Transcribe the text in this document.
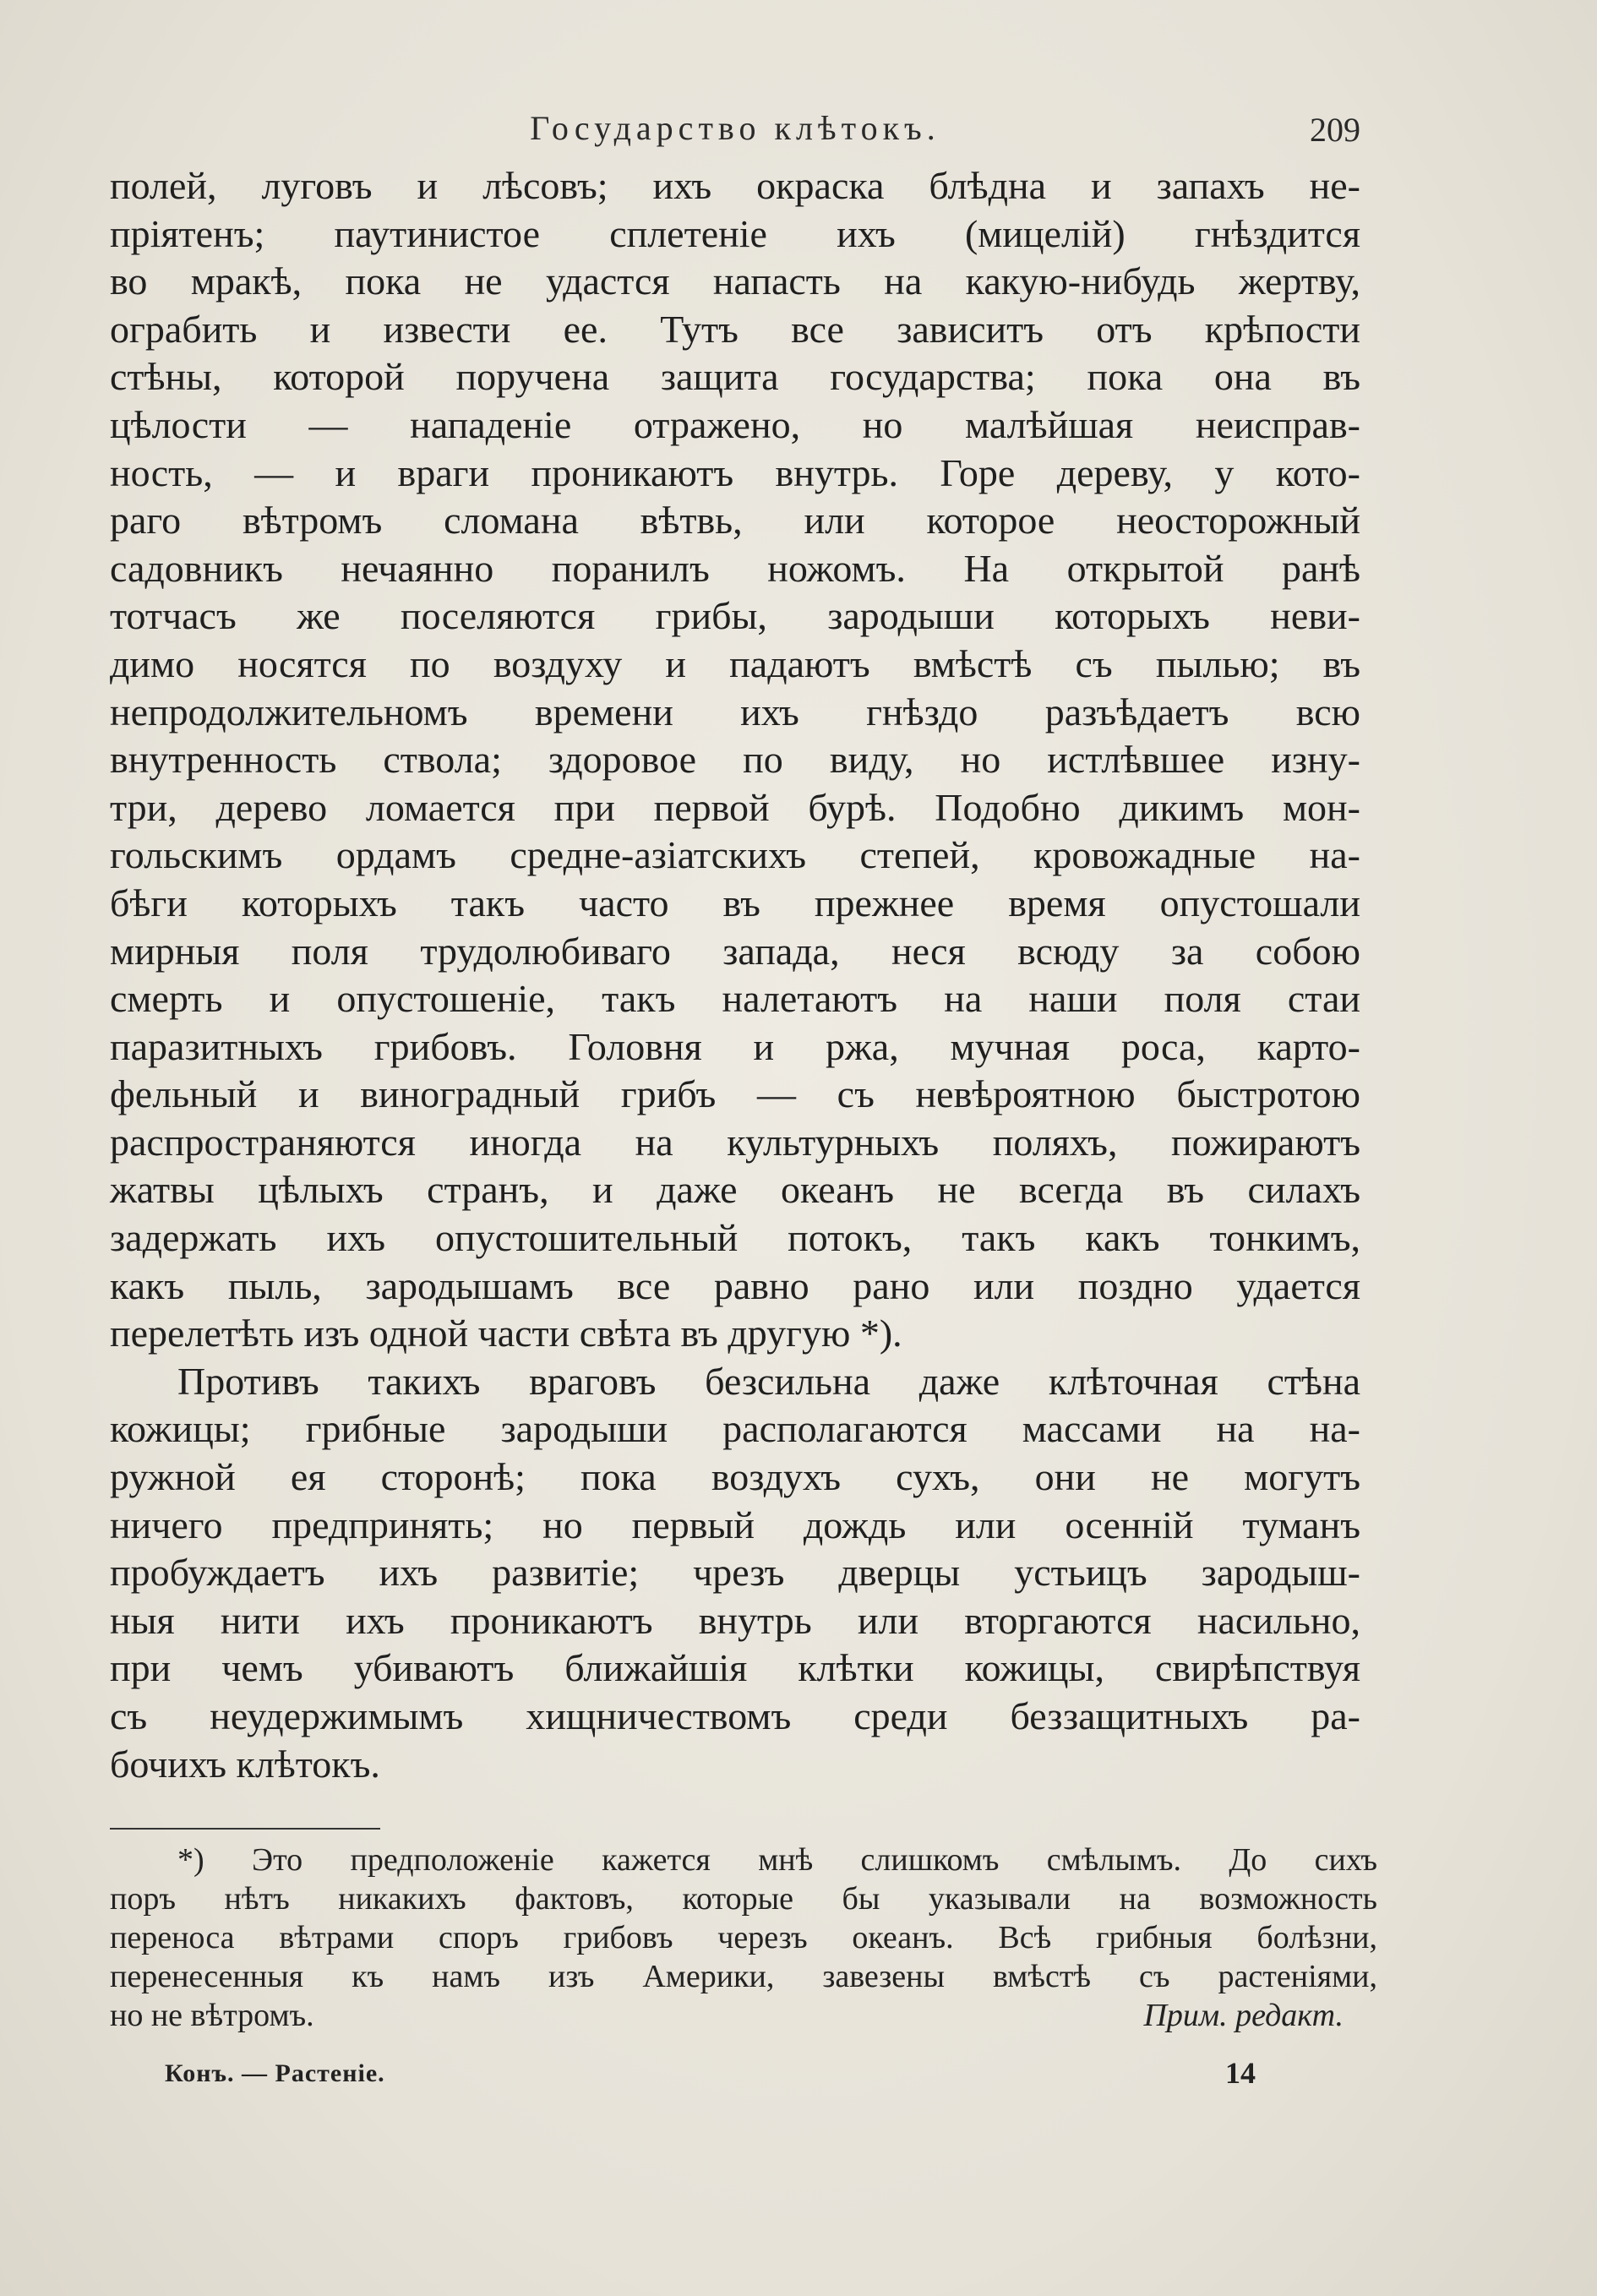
Государство клѣтокъ.	209
полей, луговъ и лѣсовъ; ихъ окраска блѣдна и запахъ не-
пріятенъ; паутинистое сплетеніе ихъ (мицелій) гнѣздится
во мракѣ, пока не удастся напасть на какую-нибудь жертву,
ограбить и извести ее. Тутъ все зависитъ отъ крѣпости
стѣны, которой поручена защита государства; пока она въ
цѣлости — нападеніе отражено, но малѣйшая неисправ-
ность, — и враги проникаютъ внутрь. Горе дереву, у кото-
раго вѣтромъ сломана вѣтвь, или которое неосторожный
садовникъ нечаянно поранилъ ножомъ. На открытой ранѣ
тотчасъ же поселяются грибы, зародыши которыхъ неви-
димо носятся по воздуху и падаютъ вмѣстѣ съ пылью; въ
непродолжительномъ времени ихъ гнѣздо разъѣдаетъ всю
внутренность ствола; здоровое по виду, но истлѣвшее изну-
три, дерево ломается при первой бурѣ. Подобно дикимъ мон-
гольскимъ ордамъ средне-азіатскихъ степей, кровожадные на-
бѣги которыхъ такъ часто въ прежнее время опустошали
мирныя поля трудолюбиваго запада, неся всюду за собою
смерть и опустошеніе, такъ налетаютъ на наши поля стаи
паразитныхъ грибовъ. Головня и ржа, мучная роса, карто-
фельный и виноградный грибъ — съ невѣроятною быстротою
распространяются иногда на культурныхъ поляхъ, пожираютъ
жатвы цѣлыхъ странъ, и даже океанъ не всегда въ силахъ
задержать ихъ опустошительный потокъ, такъ какъ тонкимъ,
какъ пыль, зародышамъ все равно рано или поздно удается
перелетѣть изъ одной части свѣта въ другую *).
Противъ такихъ враговъ безсильна даже клѣточная стѣна
кожицы; грибные зародыши располагаются массами на на-
ружной ея сторонѣ; пока воздухъ сухъ, они не могутъ
ничего предпринять; но первый дождь или осенній туманъ
пробуждаетъ ихъ развитіе; чрезъ дверцы устьицъ зародыш-
ныя нити ихъ проникаютъ внутрь или вторгаются насильно,
при чемъ убиваютъ ближайшія клѣтки кожицы, свирѣпствуя
съ неудержимымъ хищничествомъ среди беззащитныхъ ра-
бочихъ клѣтокъ.
*) Это предположеніе кажется мнѣ слишкомъ смѣлымъ. До сихъ
поръ нѣтъ никакихъ фактовъ, которые бы указывали на возможность
переноса вѣтрами споръ грибовъ черезъ океанъ. Всѣ грибныя болѣзни,
перенесенныя къ намъ изъ Америки, завезены вмѣстѣ съ растеніями,
но не вѣтромъ.	Прим. редакт.
Конъ. — Растеніе.	14
